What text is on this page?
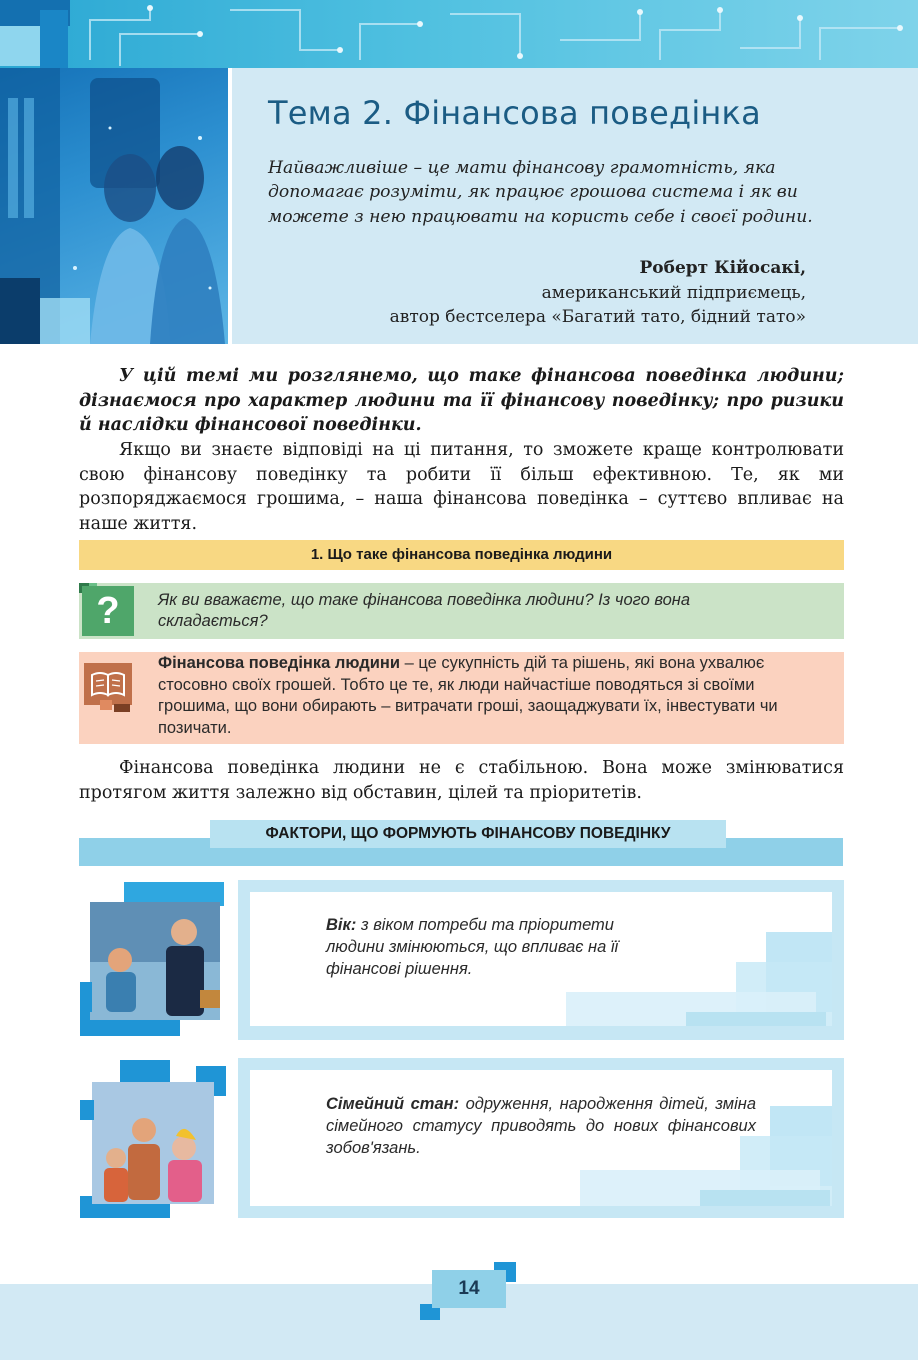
Тема 2. Фінансова поведінка

Найважливіше – це мати фінансову грамотність, яка допомагає розуміти, як працює грошова система і як ви можете з нею працювати на користь себе і своєї родини.

Роберт Кійосакі,
американський підприємець,
автор бестселера «Багатий тато, бідний тато»

У цій темі ми розглянемо, що таке фінансова поведінка людини; дізнаємося про характер людини та її фінансову поведінку; про ризики й наслідки фінансової поведінки.

Якщо ви знаєте відповіді на ці питання, то зможете краще контролювати свою фінансову поведінку та робити її більш ефективною. Те, як ми розпоряджаємося грошима, – наша фінансова поведінка – суттєво впливає на наше життя.

1. Що таке фінансова поведінка людини
?	Як ви вважаєте, що таке фінансова поведінка людини? Із чого вона складається?

Фінансова поведінка людини – це сукупність дій та рішень, які вона ухвалює стосовно своїх грошей. Тобто це те, як люди найчастіше поводяться зі своїми грошима, що вони обирають – витрачати гроші, заощаджувати їх, інвестувати чи позичати.

Фінансова поведінка людини не є стабільною. Вона може змінюватися протягом життя залежно від обставин, цілей та пріоритетів.

ФАКТОРИ, ЩО ФОРМУЮТЬ ФІНАНСОВУ ПОВЕДІНКУ

Вік: з віком потреби та пріоритети людини змінюються, що впливає на її фінансові рішення.

Сімейний стан: одруження, народження дітей, зміна сімейного статусу приводять до нових фінансових зобов'язань.

14
